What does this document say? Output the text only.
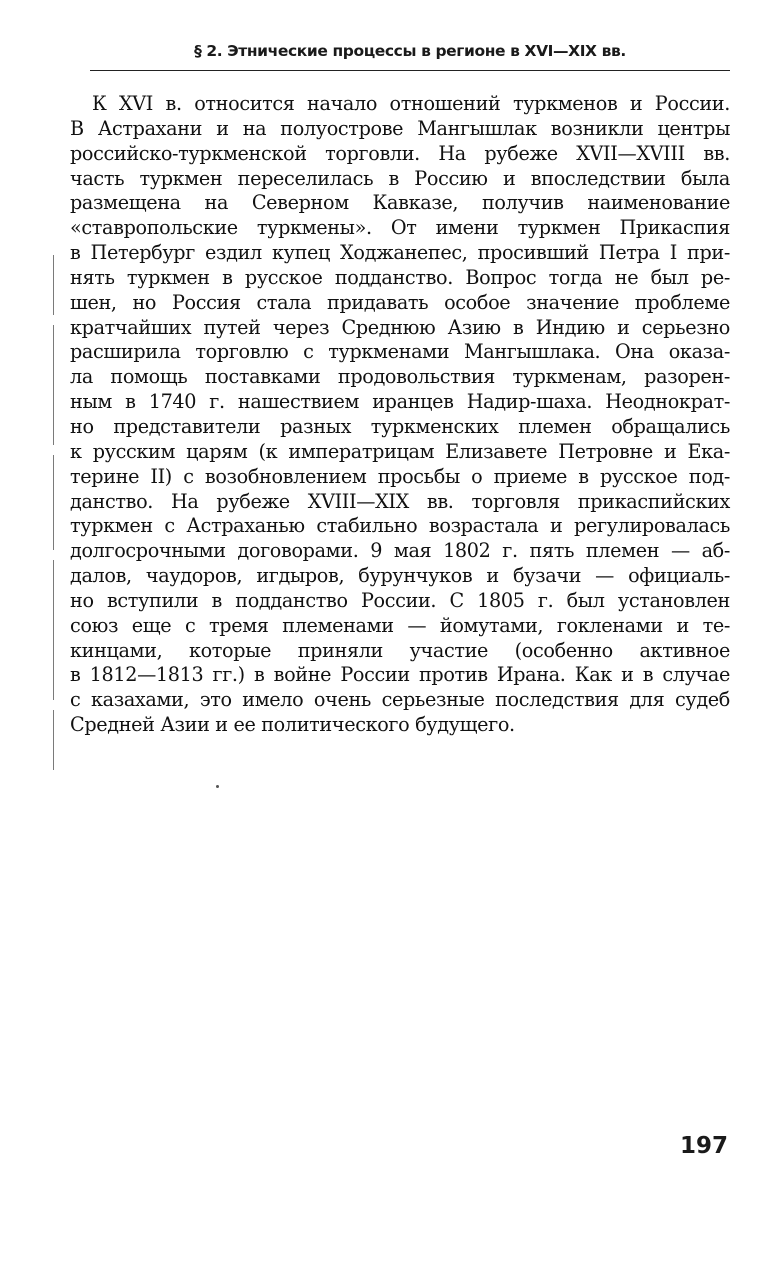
§ 2. Этнические процессы в регионе в XVI—XIX вв.
К XVI в. относится начало отношений туркменов и России.
В Астрахани и на полуострове Мангышлак возникли центры
российско-туркменской торговли. На рубеже XVII—XVIII вв.
часть туркмен переселилась в Россию и впоследствии была
размещена на Северном Кавказе, получив наименование
«ставропольские туркмены». От имени туркмен Прикаспия
в Петербург ездил купец Ходжанепес, просивший Петра I при-
нять туркмен в русское подданство. Вопрос тогда не был ре-
шен, но Россия стала придавать особое значение проблеме
кратчайших путей через Среднюю Азию в Индию и серьезно
расширила торговлю с туркменами Мангышлака. Она оказа-
ла помощь поставками продовольствия туркменам, разорен-
ным в 1740 г. нашествием иранцев Надир-шаха. Неоднократ-
но представители разных туркменских племен обращались
к русским царям (к императрицам Елизавете Петровне и Ека-
терине II) с возобновлением просьбы о приеме в русское под-
данство. На рубеже XVIII—XIX вв. торговля прикаспийских
туркмен с Астраханью стабильно возрастала и регулировалась
долгосрочными договорами. 9 мая 1802 г. пять племен — аб-
далов, чаудоров, игдыров, бурунчуков и бузачи — официаль-
но вступили в подданство России. С 1805 г. был установлен
союз еще с тремя племенами — йомутами, гокленами и те-
кинцами, которые приняли участие (особенно активное
в 1812—1813 гг.) в войне России против Ирана. Как и в случае
с казахами, это имело очень серьезные последствия для судеб
Средней Азии и ее политического будущего.
197
